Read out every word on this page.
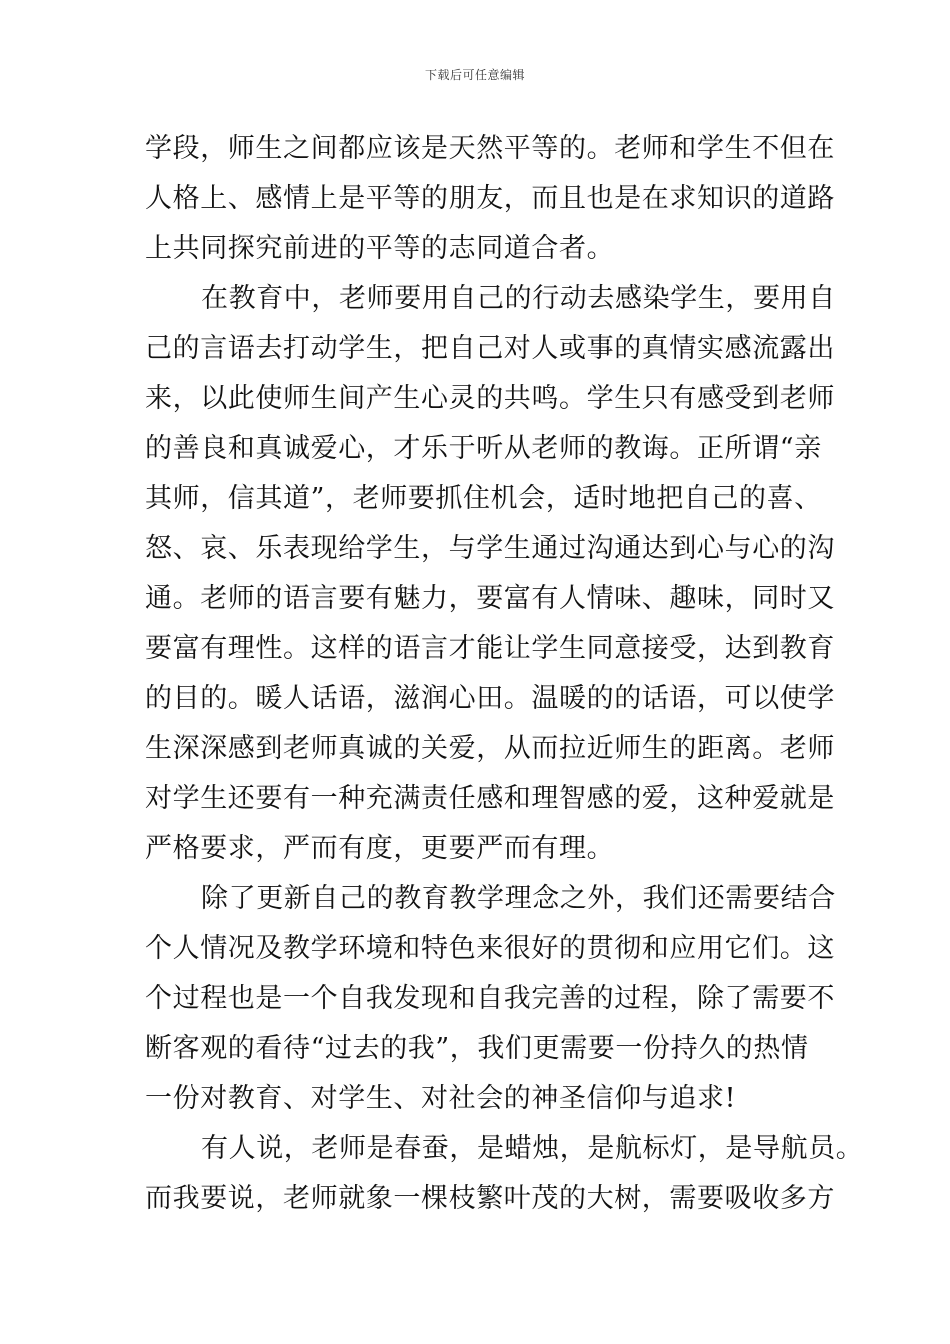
下载后可任意编辑
学段，师生之间都应该是天然平等的。老师和学生不但在
人格上、感情上是平等的朋友，而且也是在求知识的道路
上共同探究前进的平等的志同道合者。
在教育中，老师要用自己的行动去感染学生，要用自
己的言语去打动学生，把自己对人或事的真情实感流露出
来，以此使师生间产生心灵的共鸣。学生只有感受到老师
的善良和真诚爱心，才乐于听从老师的教诲。正所谓“亲
其师，信其道”，老师要抓住机会，适时地把自己的喜、
怒、哀、乐表现给学生，与学生通过沟通达到心与心的沟
通。老师的语言要有魅力，要富有人情味、趣味，同时又
要富有理性。这样的语言才能让学生同意接受，达到教育
的目的。暖人话语，滋润心田。温暖的的话语，可以使学
生深深感到老师真诚的关爱，从而拉近师生的距离。老师
对学生还要有一种充满责任感和理智感的爱，这种爱就是
严格要求，严而有度，更要严而有理。
除了更新自己的教育教学理念之外，我们还需要结合
个人情况及教学环境和特色来很好的贯彻和应用它们。这
个过程也是一个自我发现和自我完善的过程，除了需要不
断客观的看待“过去的我”，我们更需要一份持久的热情
一份对教育、对学生、对社会的神圣信仰与追求!
有人说，老师是春蚕，是蜡烛，是航标灯，是导航员。
而我要说，老师就象一棵枝繁叶茂的大树，需要吸收多方
